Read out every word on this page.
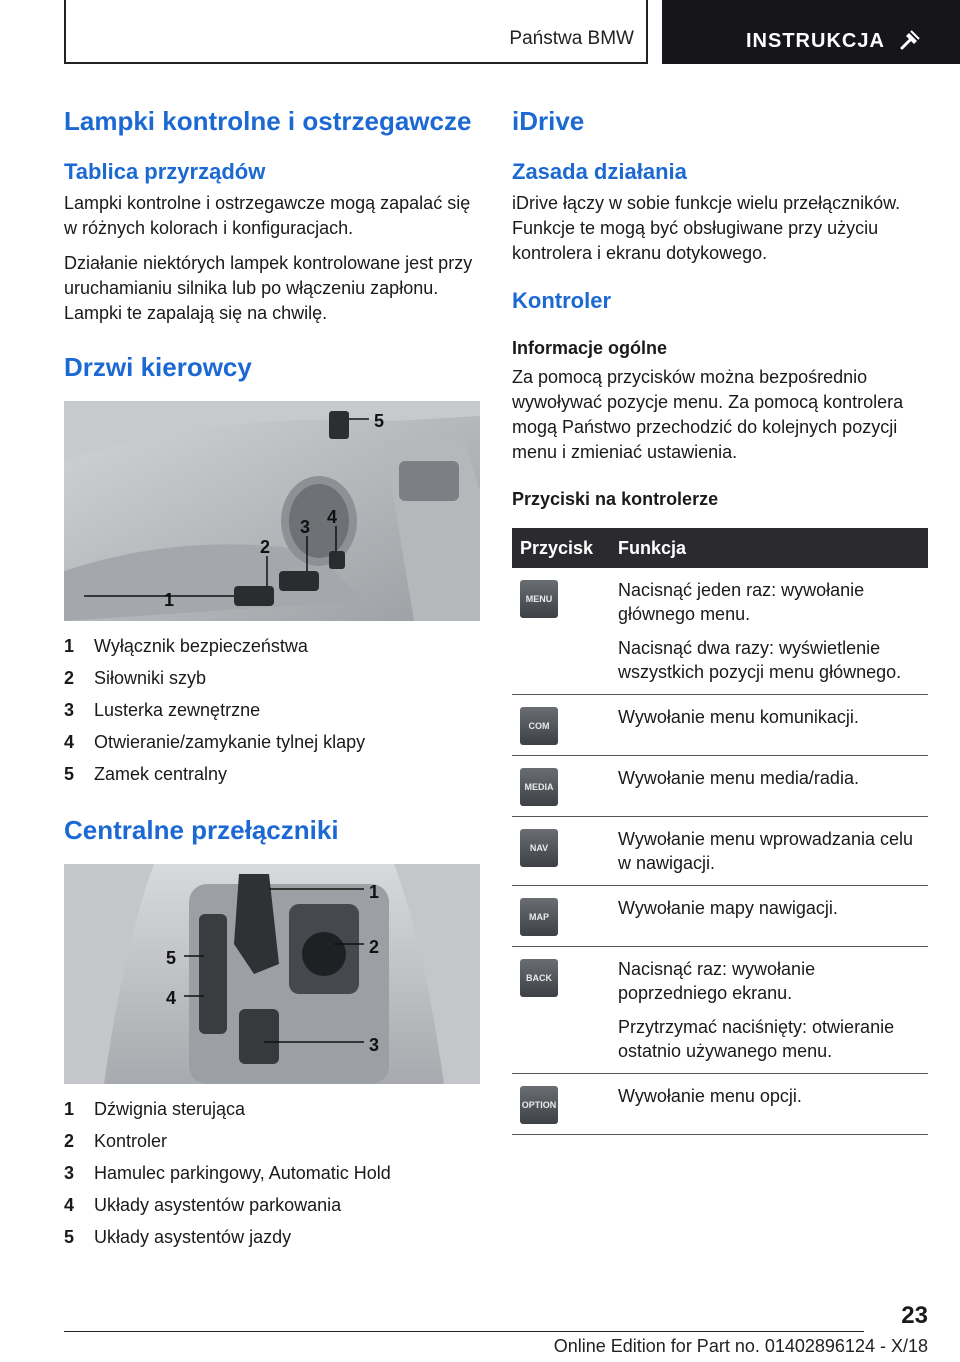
Państwa BMW	INSTRUKCJA
Lampki kontrolne i ostrzegawcze
Tablica przyrządów

Lampki kontrolne i ostrzegawcze mogą zapalać się w różnych kolorach i konfiguracjach.

Działanie niektórych lampek kontrolowane jest przy uruchamianiu silnika lub po włączeniu zapłonu. Lampki te zapalają się na chwilę.

Drzwi kierowcy
1
2
3 4
5
1 Wyłącznik bezpieczeństwa
2 Siłowniki szyb
3 Lusterka zewnętrzne
4 Otwieranie/zamykanie tylnej klapy
5 Zamek centralny
Centralne przełączniki
1
2
3
4
5
1 Dźwignia sterująca
2 Kontroler
3 Hamulec parkingowy, Automatic Hold
4 Układy asystentów parkowania
5 Układy asystentów jazdy
iDrive
Zasada działania

iDrive łączy w sobie funkcje wielu przełączników. Funkcje te mogą być obsługiwane przy użyciu kontrolera i ekranu dotykowego.

Kontroler
Informacje ogólne

Za pomocą przycisków można bezpośrednio wywoływać pozycje menu. Za pomocą kontrolera mogą Państwo przechodzić do kolejnych pozycji menu i zmieniać ustawienia.

Przyciski na kontrolerze
Przycisk	Funkcja
MENU	Nacisnąć jeden raz: wywołanie głównego menu.

Nacisnąć dwa razy: wyświetlenie wszystkich pozycji menu głównego.

COM	Wywołanie menu komunikacji.

MEDIA	Wywołanie menu media/radia.

NAV	Wywołanie menu wprowadzania celu w nawigacji.

MAP	Wywołanie mapy nawigacji.

BACK	Nacisnąć raz: wywołanie poprzedniego ekranu.

Przytrzymać naciśnięty: otwieranie ostatnio używanego menu.

OPTION	Wywołanie menu opcji.

23
Online Edition for Part no. 01402896124 - X/18
